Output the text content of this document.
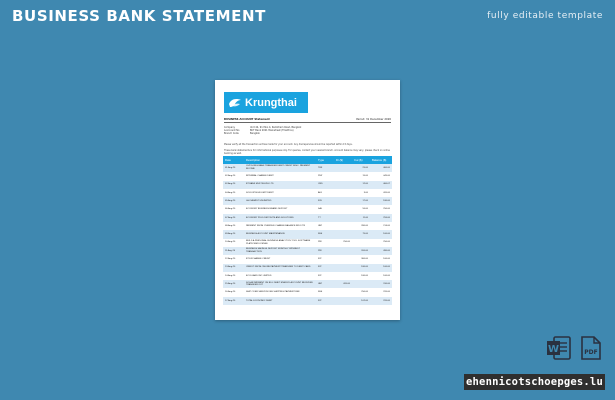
BUSINESS BANK STATEMENT	fully editable template
Krungthai
BUSINESS ACCOUNT Statement	Period: 31 December 2020
Company	Unit 44, 91 Moo 4, Ramkham Road, Bangkok
A.Account No	BCT Bank 2021 Mainstreet (ThaiPrice)
Branch Code	Bangkok
Please verify all the transaction entries made for your account. Any discrepancies should be reported within 15 days.
These bank statements is for informational purposes only. For queries, contact your nearest branch. Account balance may vary, please check on online banking as well.
Date	Description	Type	Dr.($)	Cur.($)	Balance ($)
01-Aug-20	OUTGOING BANK TRANSFER DEBIT CREDIT MISC. PAYMENT INCOME	TRF		25.00	460.00
02-Aug-20	INTERNAL CHARGE DEBIT	PIW		15.00	445.00
02-Aug-20	BT BANK MULTILEVEL LTD	CRD		12.00	460.07
04-Aug-20	SOLDOPSIGN LIMIT DEBIT	ADJ		3.00	420.00
05-Aug-20	LA CHEMIST UNLIMITED	FIN		17.00	180.00
06-Aug-20	ECONOMY BUSINESS BRAND DEPOSIT	SAL		55.00	250.00
07-Aug-20	ECONOMY PLUS DEPOSITS AND SOLUTIONS	TT		11.00	255.00
08-Aug-20	PAYMENT FROM OVERDUE CHARGE BALANCE INDO TR	VAT		280.00	214.00
09-Aug-20	BUSINESS ACCOUNT MAINTENANCE	FEE		75.00	160.00
10-Aug-20	BUILD A PERSONAL BUSINESS ANALYTICS TOOL SOFTWARE PLATFORM LICENSE	PRI	250.00		250.00
11-Aug-20	BUSINESS SAVINGS DEPOSIT MONTHLY INTEREST TRANSACTION	PRI		200.00	490.00
12-Aug-20	BT EXCHANGE CREDIT	FIP		360.00	160.00
13-Aug-20	CREDIT FROM ONLINE PAYMENT TRANSFER TO DEBIT CARD	FIP		180.00	160.00
14-Aug-20	ECOLLAND INC LIMITED	FIP		180.00	160.00
15-Aug-20	SOLAR PAYMENT ON BILL DEBIT ENERGY ACCOUNT RECEIVED TRANSFER OUT	VAT	420.00		310.00
16-Aug-20	SHIP OVER SERVICE FEE SHIPPING PAYMENT REF	FEE		250.00	220.00
17-Aug-20	TOTAL ECONOMIC DEBIT	FIP		102.00	220.00
W	PDF
ehennicotschoepges.lu
